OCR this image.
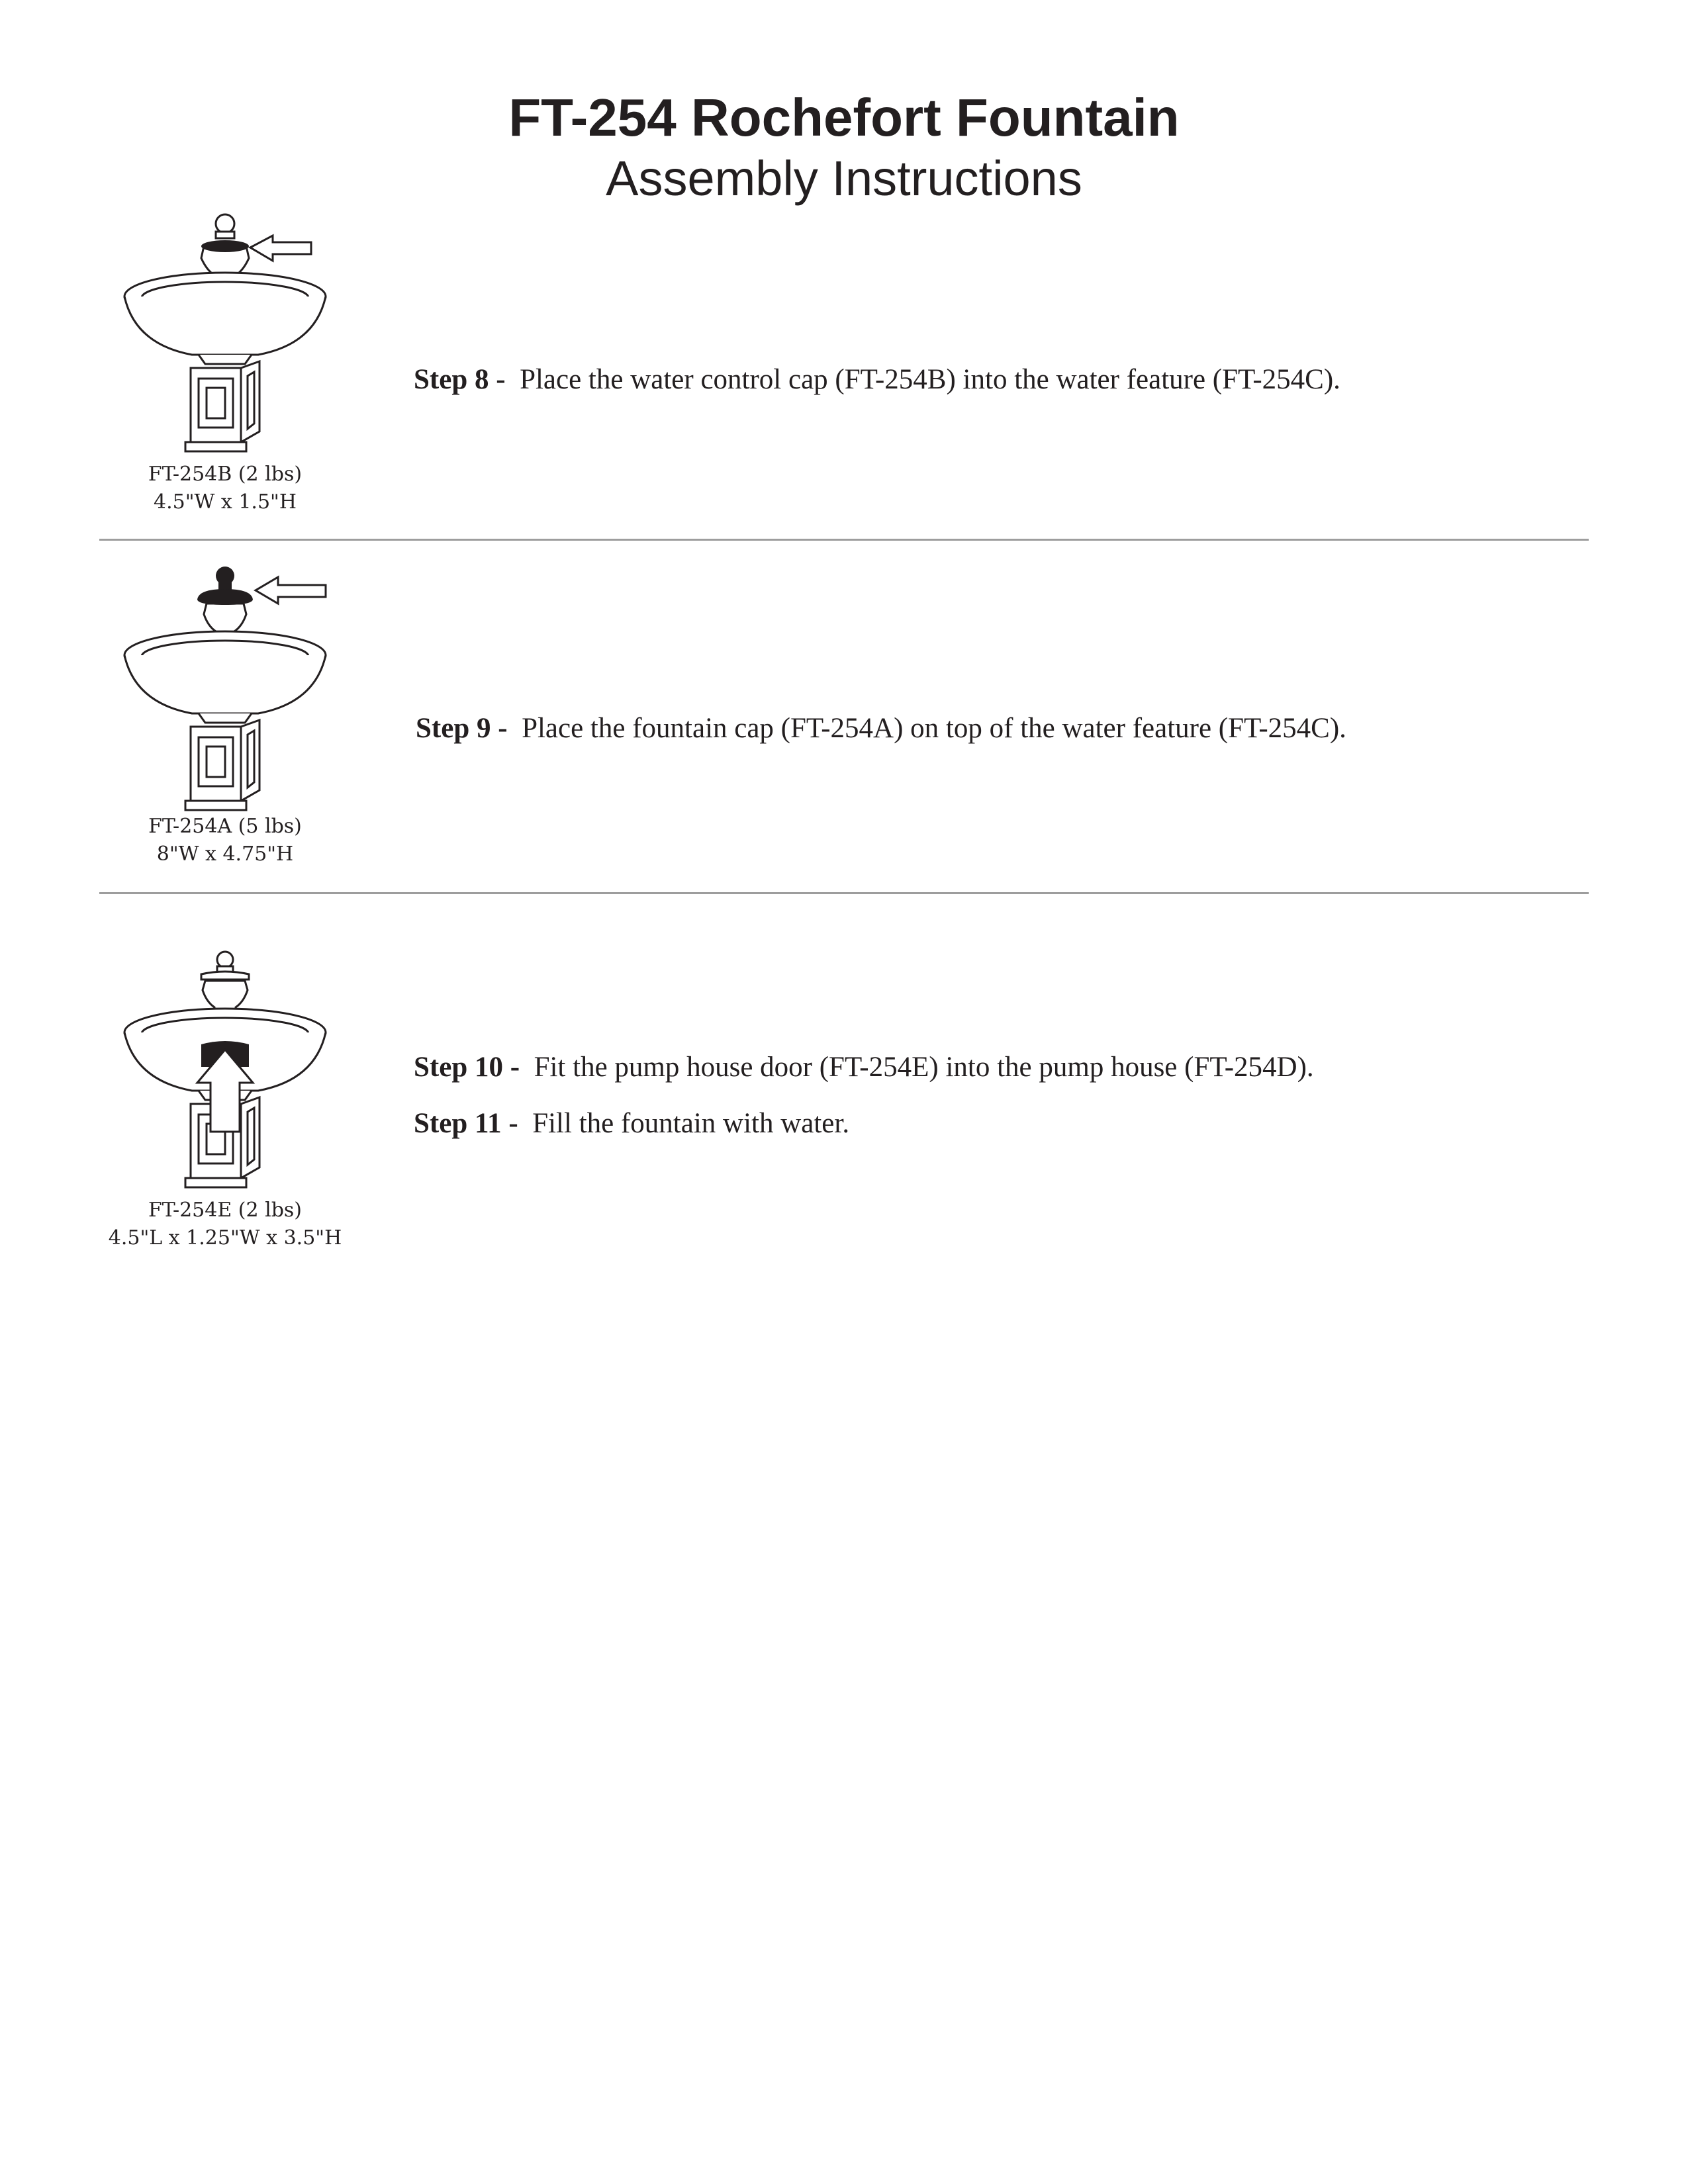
FT-254 Rochefort Fountain
Assembly Instructions
FT-254B (2 lbs)
4.5"W x 1.5"H
Step 8 - Place the water control cap (FT-254B) into the water feature (FT-254C).
FT-254A (5 lbs)
8"W x 4.75"H
Step 9 - Place the fountain cap (FT-254A) on top of the water feature (FT-254C).
FT-254E (2 lbs)
4.5"L x 1.25"W x 3.5"H
Step 10 - Fit the pump house door (FT-254E) into the pump house (FT-254D).
Step 11 - Fill the fountain with water.
